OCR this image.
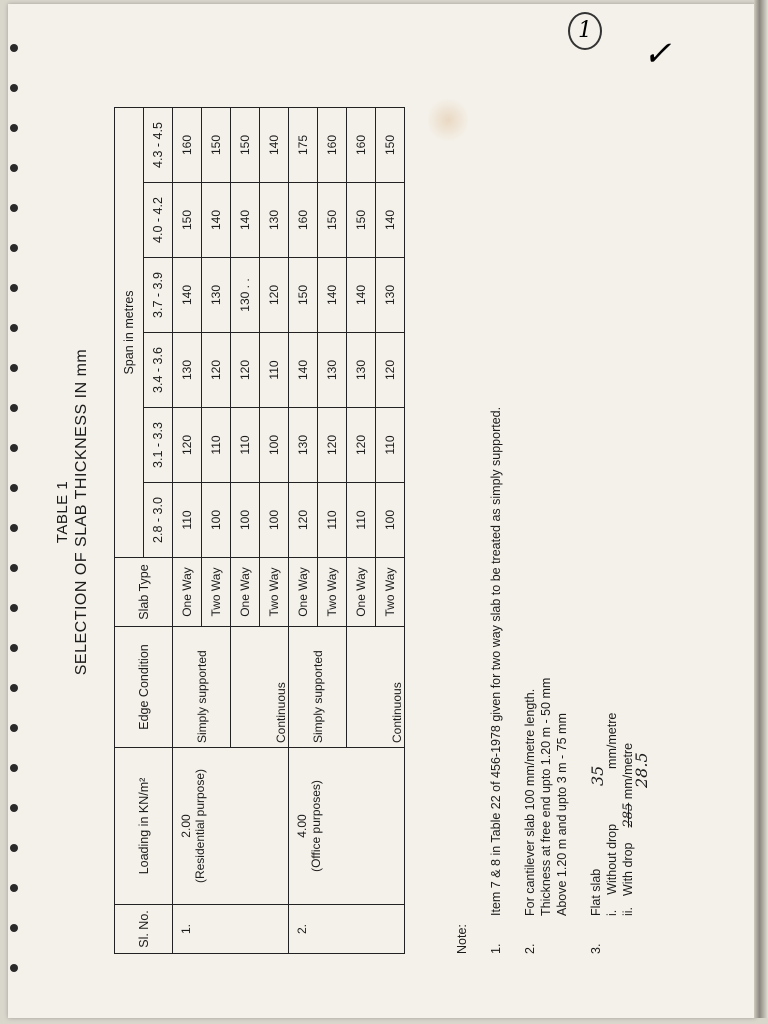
1
✓
TABLE 1 SELECTION OF SLAB THICKNESS IN mm
Sl. No.	Loading in KN/m²	Edge Condition	Slab Type	Span in metres					
				2.8 - 3.0	3.1 - 3.3	3.4 - 3.6	3.7 - 3.9	4.0 - 4.2	4.3 - 4.5
1.	2.00 (Residential purpose)	Simply supported	One Way	110	120	130	140	150	160
			Two Way	100	110	120	130	140	150
		Continuous	One Way	100	110	120	130 . .	140	150
			Two Way	100	100	110	120	130	140
2.	4.00 (Office purposes)	Simply supported	One Way	120	130	140	150	160	175
			Two Way	110	120	130	140	150	160
		Continuous	One Way	110	120	130	140	150	160
			Two Way	100	110	120	130	140	150
Note: 1.
Item 7 & 8 in Table 22 of 456-1978 given for two way slab to be treated as simply supported.
2.
For cantilever slab 100 mm/metre length. Thickness at free end upto 1.20 m - 50 mm Above 1.20 m and upto 3 m - 75 mm
3.
Flat slab i.  Without drop
35
mm/metre
ii.  With drop  285 mm/metre
28.5
